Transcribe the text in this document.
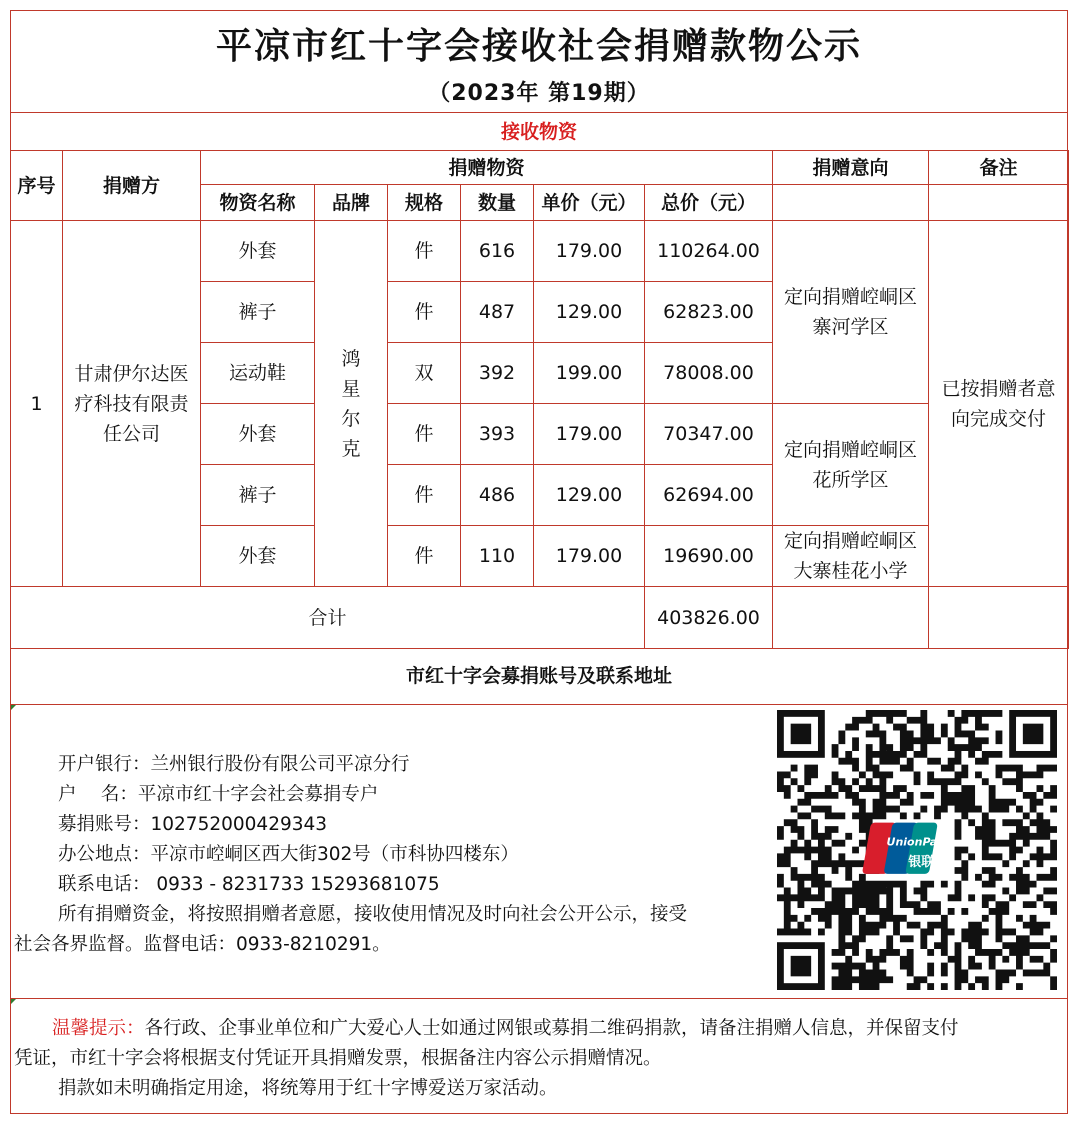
平凉市红十字会接收社会捐赠款物公示
（2023年 第19期）
接收物资
序号	捐赠方	捐赠物资						捐赠意向	备注
		物资名称	品牌	规格	数量	单价（元）	总价（元）		
1	甘肃伊尔达医疗科技有限责任公司	外套	鸿星尔克	件	616	179.00	110264.00	定向捐赠崆峒区寨河学区	已按捐赠者意向完成交付
		裤子		件	487	129.00	62823.00		
		运动鞋		双	392	199.00	78008.00		
		外套		件	393	179.00	70347.00	定向捐赠崆峒区花所学区	
		裤子		件	486	129.00	62694.00		
		外套		件	110	179.00	19690.00	定向捐赠崆峒区大寨桂花小学	
合计							403826.00		
市红十字会募捐账号及联系地址
开户银行：兰州银行股份有限公司平凉分行
户　 名：平凉市红十字会社会募捐专户
募捐账号：102752000429343
办公地点：平凉市崆峒区西大街302号（市科协四楼东）
联系电话： 0933 - 8231733 15293681075
所有捐赠资金，将按照捐赠者意愿，接收使用情况及时向社会公开公示，接受
社会各界监督。监督电话：0933-8210291。
UnionPay
银联
温馨提示：各行政、企事业单位和广大爱心人士如通过网银或募捐二维码捐款，请备注捐赠人信息，并保留支付
凭证，市红十字会将根据支付凭证开具捐赠发票，根据备注内容公示捐赠情况。
捐款如未明确指定用途，将统筹用于红十字博爱送万家活动。
